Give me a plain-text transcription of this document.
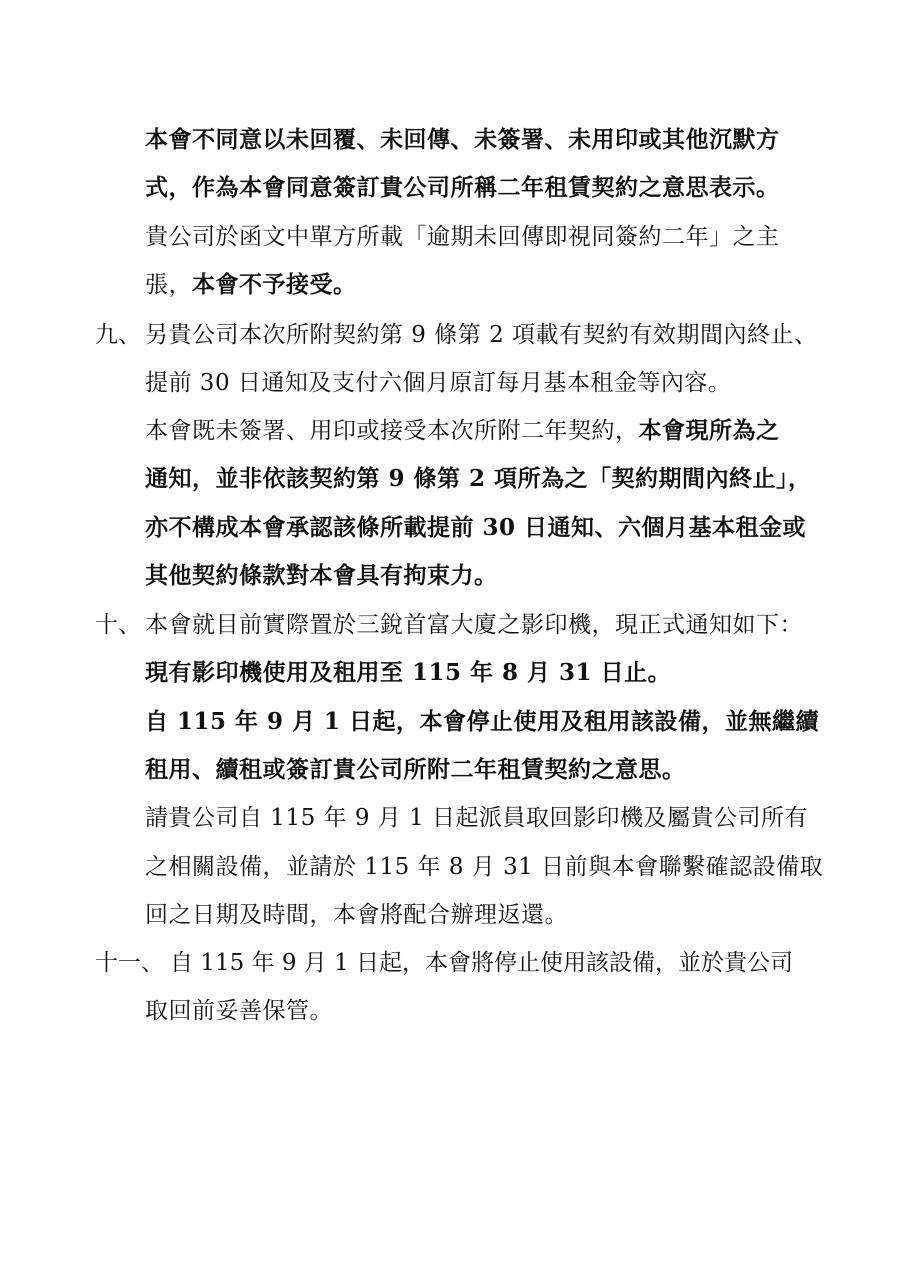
本會不同意以未回覆、未回傳、未簽署、未用印或其他沉默方
式，作為本會同意簽訂貴公司所稱二年租賃契約之意思表示。
貴公司於函文中單方所載「逾期未回傳即視同簽約二年」之主
張，本會不予接受。
九、 另貴公司本次所附契約第 9 條第 2 項載有契約有效期間內終止、
提前 30 日通知及支付六個月原訂每月基本租金等內容。
本會既未簽署、用印或接受本次所附二年契約，本會現所為之
通知，並非依該契約第 9 條第 2 項所為之「契約期間內終止」，
亦不構成本會承認該條所載提前 30 日通知、六個月基本租金或
其他契約條款對本會具有拘束力。
十、 本會就目前實際置於三銳首富大廈之影印機，現正式通知如下：
現有影印機使用及租用至 115 年 8 月 31 日止。
自 115 年 9 月 1 日起，本會停止使用及租用該設備，並無繼續
租用、續租或簽訂貴公司所附二年租賃契約之意思。
請貴公司自 115 年 9 月 1 日起派員取回影印機及屬貴公司所有
之相關設備，並請於 115 年 8 月 31 日前與本會聯繫確認設備取
回之日期及時間，本會將配合辦理返還。
十一、 自 115 年 9 月 1 日起，本會將停止使用該設備，並於貴公司
取回前妥善保管。
